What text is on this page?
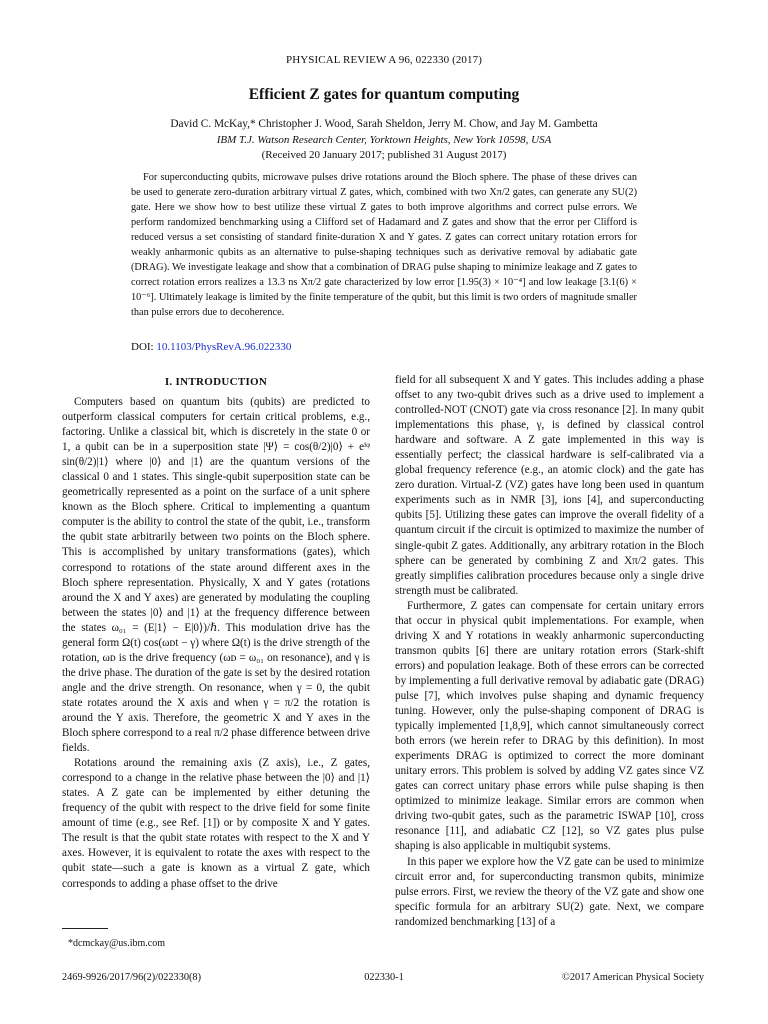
PHYSICAL REVIEW A 96, 022330 (2017)
Efficient Z gates for quantum computing
David C. McKay,* Christopher J. Wood, Sarah Sheldon, Jerry M. Chow, and Jay M. Gambetta
IBM T.J. Watson Research Center, Yorktown Heights, New York 10598, USA
(Received 20 January 2017; published 31 August 2017)

For superconducting qubits, microwave pulses drive rotations around the Bloch sphere. The phase of these drives can be used to generate zero-duration arbitrary virtual Z gates, which, combined with two Xπ/2 gates, can generate any SU(2) gate. Here we show how to best utilize these virtual Z gates to both improve algorithms and correct pulse errors. We perform randomized benchmarking using a Clifford set of Hadamard and Z gates and show that the error per Clifford is reduced versus a set consisting of standard finite-duration X and Y gates. Z gates can correct unitary rotation errors for weakly anharmonic qubits as an alternative to pulse-shaping techniques such as derivative removal by adiabatic gate (DRAG). We investigate leakage and show that a combination of DRAG pulse shaping to minimize leakage and Z gates to correct rotation errors realizes a 13.3 ns Xπ/2 gate characterized by low error [1.95(3) × 10⁻⁴] and low leakage [3.1(6) × 10⁻⁶]. Ultimately leakage is limited by the finite temperature of the qubit, but this limit is two orders of magnitude smaller than pulse errors due to decoherence.

DOI: 10.1103/PhysRevA.96.022330
I. INTRODUCTION

Computers based on quantum bits (qubits) are predicted to outperform classical computers for certain critical problems, e.g., factoring. Unlike a classical bit, which is discretely in the state 0 or 1, a qubit can be in a superposition state |Ψ⟩ = cos(θ/2)|0⟩ + eⁱᵠ sin(θ/2)|1⟩ where |0⟩ and |1⟩ are the quantum versions of the classical 0 and 1 states. This single-qubit superposition state can be geometrically represented as a point on the surface of a unit sphere known as the Bloch sphere. Critical to implementing a quantum computer is the ability to control the state of the qubit, i.e., transform the qubit state arbitrarily between two points on the Bloch sphere. This is accomplished by unitary transformations (gates), which correspond to rotations of the state around different axes in the Bloch sphere representation. Physically, X and Y gates (rotations around the X and Y axes) are generated by modulating the coupling between the states |0⟩ and |1⟩ at the frequency difference between the states ω₀₁ = (E|1⟩ − E|0⟩)/ℏ. This modulation drive has the general form Ω(t) cos(ωᴅt − γ) where Ω(t) is the drive strength of the rotation, ωᴅ is the drive frequency (ωᴅ = ω₀₁ on resonance), and γ is the drive phase. The duration of the gate is set by the desired rotation angle and the drive strength. On resonance, when γ = 0, the qubit state rotates around the X axis and when γ = π/2 the rotation is around the Y axis. Therefore, the geometric X and Y axes in the Bloch sphere correspond to a real π/2 phase difference between drive fields.

Rotations around the remaining axis (Z axis), i.e., Z gates, correspond to a change in the relative phase between the |0⟩ and |1⟩ states. A Z gate can be implemented by either detuning the frequency of the qubit with respect to the drive field for some finite amount of time (e.g., see Ref. [1]) or by composite X and Y gates. The result is that the qubit state rotates with respect to the X and Y axes. However, it is equivalent to rotate the axes with respect to the qubit state—such a gate is known as a virtual Z gate, which corresponds to adding a phase offset to the drive

field for all subsequent X and Y gates. This includes adding a phase offset to any two-qubit drives such as a drive used to implement a controlled-NOT (CNOT) gate via cross resonance [2]. In many qubit implementations this phase, γ, is defined by classical control hardware and software. A Z gate implemented in this way is essentially perfect; the classical hardware is self-calibrated via a global frequency reference (e.g., an atomic clock) and the gate has zero duration. Virtual-Z (VZ) gates have long been used in quantum experiments such as in NMR [3], ions [4], and superconducting qubits [5]. Utilizing these gates can improve the overall fidelity of a quantum circuit if the circuit is optimized to maximize the number of single-qubit Z gates. Additionally, any arbitrary rotation in the Bloch sphere can be generated by combining Z and Xπ/2 gates. This greatly simplifies calibration procedures because only a single drive strength must be calibrated.

Furthermore, Z gates can compensate for certain unitary errors that occur in physical qubit implementations. For example, when driving X and Y rotations in weakly anharmonic superconducting transmon qubits [6] there are unitary rotation errors (Stark-shift errors) and population leakage. Both of these errors can be corrected by implementing a full derivative removal by adiabatic gate (DRAG) pulse [7], which involves pulse shaping and dynamic frequency tuning. However, only the pulse-shaping component of DRAG is typically implemented [1,8,9], which cannot simultaneously correct both errors (we herein refer to DRAG by this definition). In most experiments DRAG is optimized to correct the more dominant unitary errors. This problem is solved by adding VZ gates since VZ gates can correct unitary phase errors while pulse shaping is then optimized to minimize leakage. Similar errors are common when driving two-qubit gates, such as the parametric ISWAP [10], cross resonance [11], and adiabatic CZ [12], so VZ gates plus pulse shaping is also applicable in multiqubit systems.

In this paper we explore how the VZ gate can be used to minimize circuit error and, for superconducting transmon qubits, minimize pulse errors. First, we review the theory of the VZ gate and show one specific formula for an arbitrary SU(2) gate. Next, we compare randomized benchmarking [13] of a

*dcmckay@us.ibm.com
2469-9926/2017/96(2)/022330(8)	022330-1	©2017 American Physical Society
